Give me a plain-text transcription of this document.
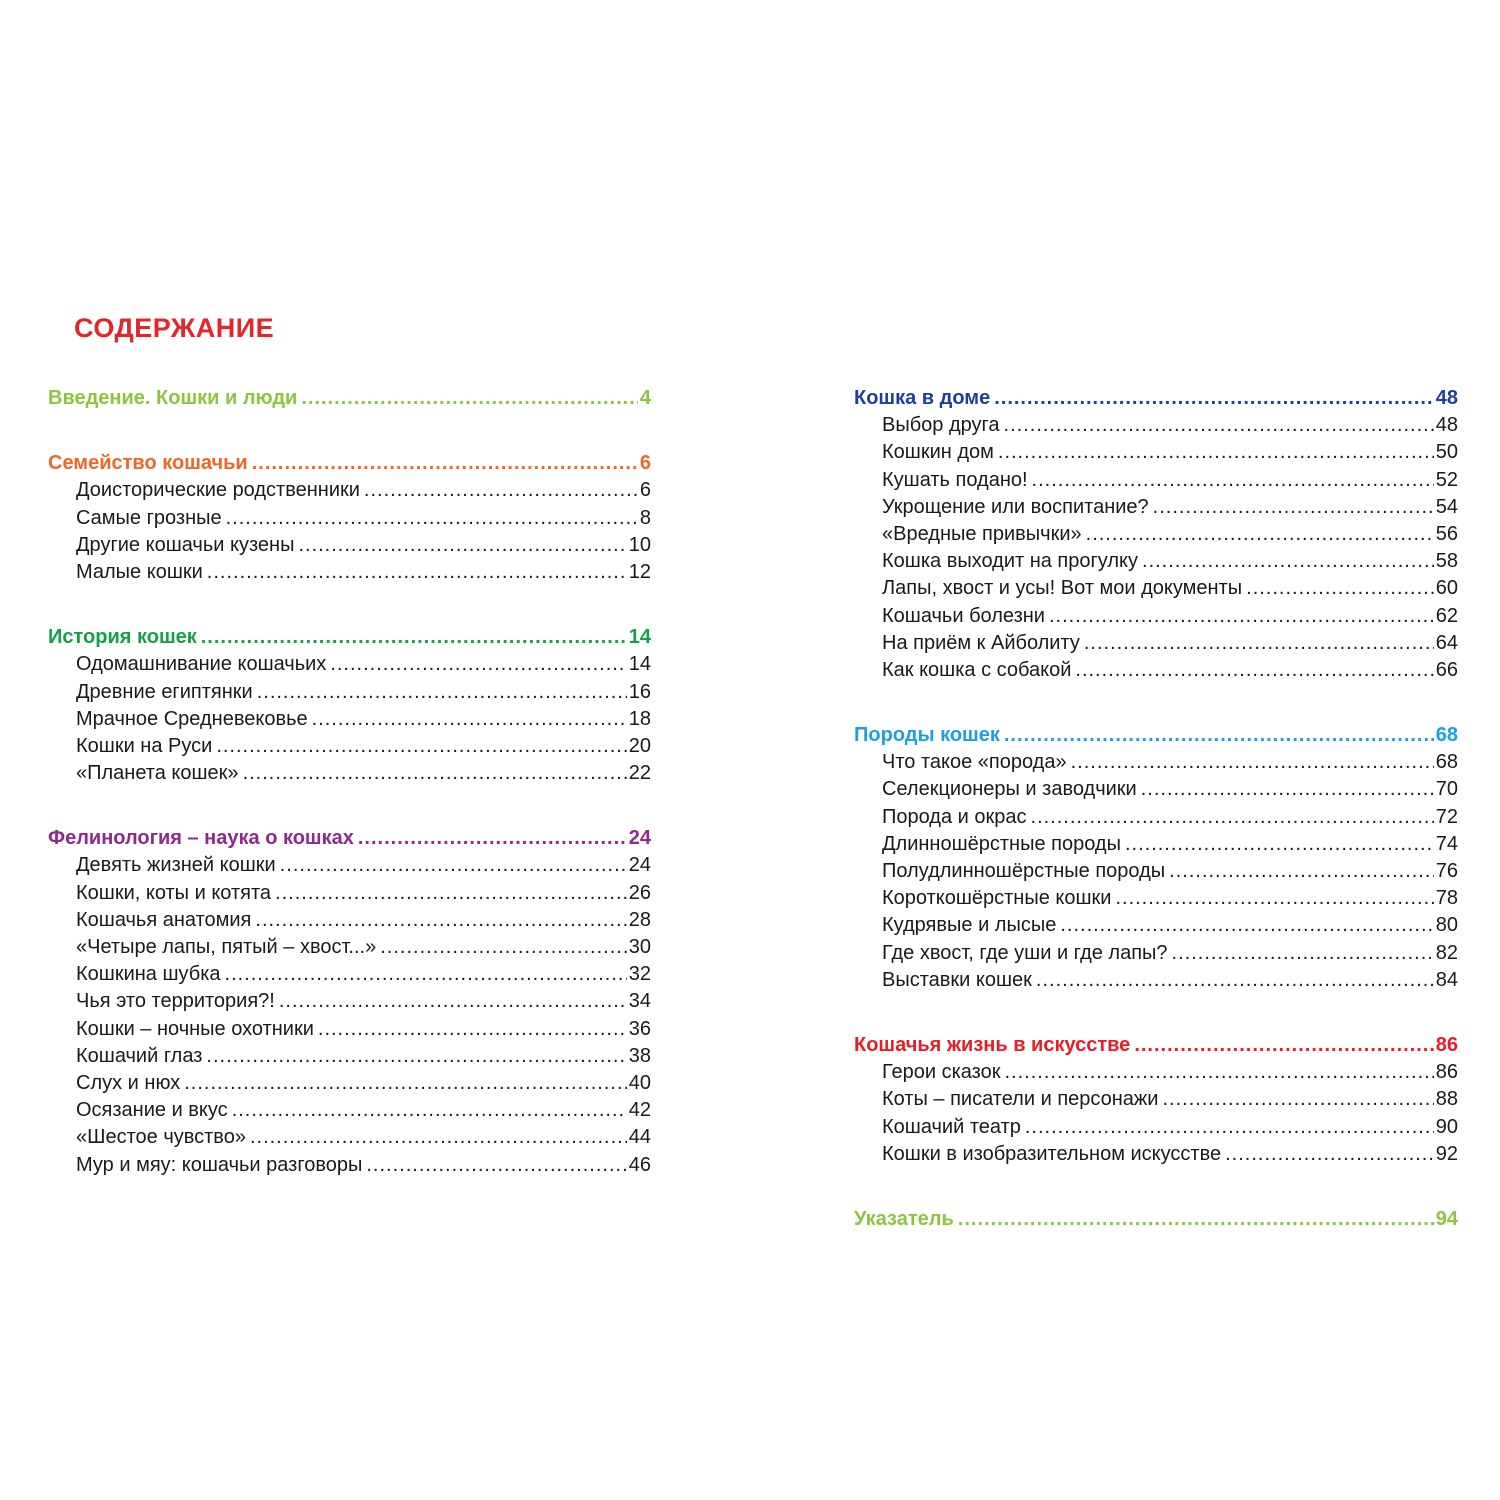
СОДЕРЖАНИЕ
Введение. Кошки и люди .....	4
Семейство кошачьи .....	6
Доисторические родственники .....	6
Самые грозные .....	8
Другие кошачьи кузены .....	10
Малые кошки .....	12
История кошек .....	14
Одомашнивание кошачьих .....	14
Древние египтянки .....	16
Мрачное Средневековье .....	18
Кошки на Руси .....	20
«Планета кошек» .....	22
Фелинология – наука о кошках .....	24
Девять жизней кошки .....	24
Кошки, коты и котята .....	26
Кошачья анатомия .....	28
«Четыре лапы, пятый – хвост...» .....	30
Кошкина шубка .....	32
Чья это территория?! .....	34
Кошки – ночные охотники .....	36
Кошачий глаз .....	38
Слух и нюх .....	40
Осязание и вкус .....	42
«Шестое чувство» .....	44
Мур и мяу: кошачьи разговоры .....	46
Кошка в доме .....	48
Выбор друга .....	48
Кошкин дом .....	50
Кушать подано! .....	52
Укрощение или воспитание? .....	54
«Вредные привычки» .....	56
Кошка выходит на прогулку .....	58
Лапы, хвост и усы! Вот мои документы .....	60
Кошачьи болезни .....	62
На приём к Айболиту .....	64
Как кошка с собакой .....	66
Породы кошек .....	68
Что такое «порода» .....	68
Селекционеры и заводчики .....	70
Порода и окрас .....	72
Длинношёрстные породы .....	74
Полудлинношёрстные породы .....	76
Короткошёрстные кошки .....	78
Кудрявые и лысые .....	80
Где хвост, где уши и где лапы? .....	82
Выставки кошек .....	84
Кошачья жизнь в искусстве .....	86
Герои сказок .....	86
Коты – писатели и персонажи .....	88
Кошачий театр .....	90
Кошки в изобразительном искусстве .....	92
Указатель .....	94
